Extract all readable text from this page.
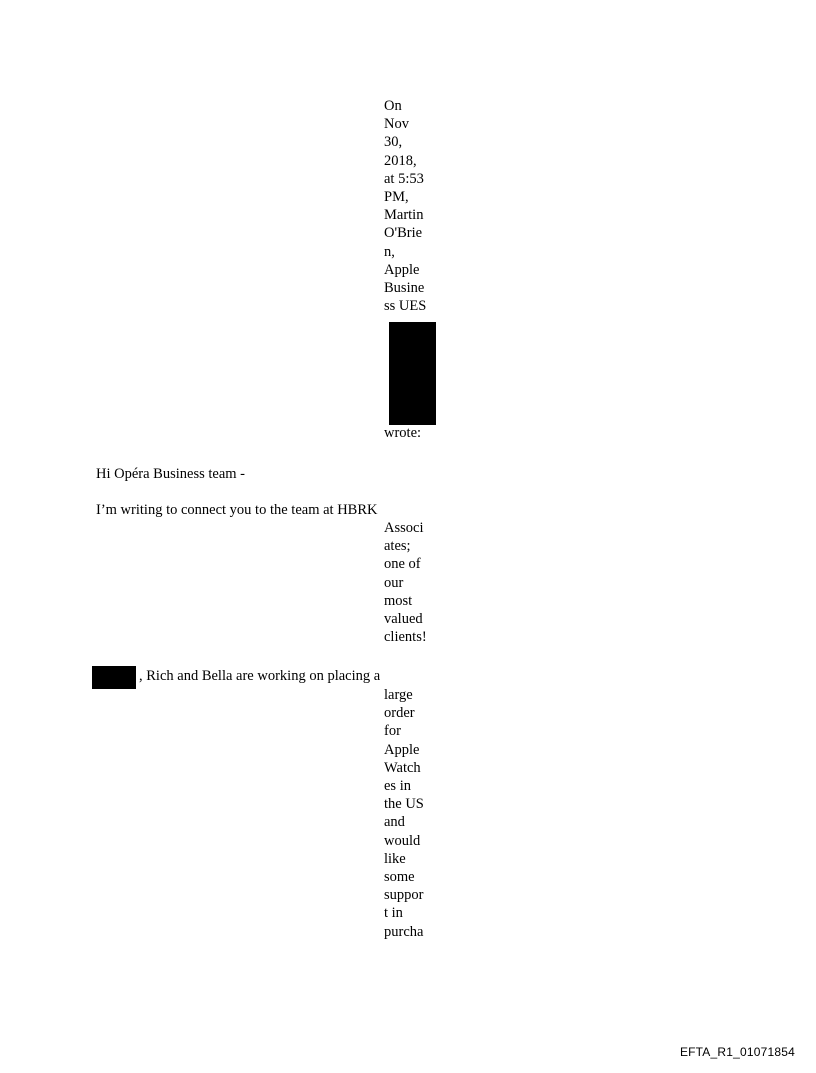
On
Nov
30,
2018,
at 5:53
PM,
Martin
O'Brie
n,
Apple
Busine
ss UES
wrote:
Hi Opéra Business team -
I’m writing to connect you to the team at HBRK
Associ
ates;
one of
our
most
valued
clients!
, Rich and Bella are working on placing a
large
order
for
Apple
Watch
es in
the US
and
would
like
some
suppor
t in
purcha
EFTA_R1_01071854
